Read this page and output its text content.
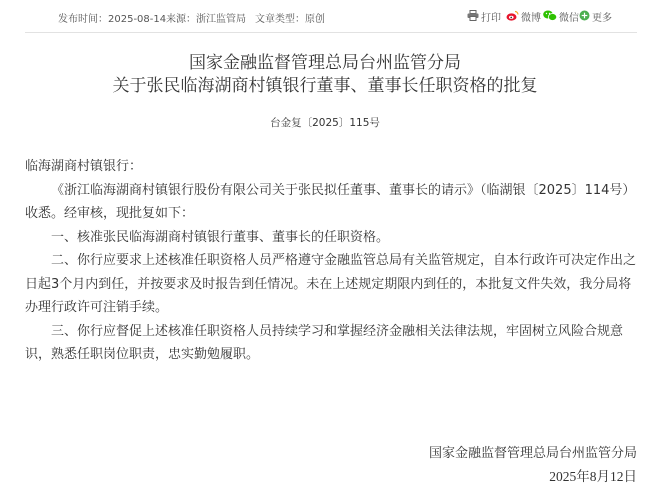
发布时间：2025-08-14 来源：浙江监管局 文章类型：原创	打印 微博 微信 更多
国家金融监督管理总局台州监管分局
关于张民临海湖商村镇银行董事、董事长任职资格的批复
台金复〔2025〕115号

临海湖商村镇银行：

《浙江临海湖商村镇银行股份有限公司关于张民拟任董事、董事长的请示》（临湖银〔2025〕114号）收悉。经审核，现批复如下：

一、核准张民临海湖商村镇银行董事、董事长的任职资格。

二、你行应要求上述核准任职资格人员严格遵守金融监管总局有关监管规定，自本行政许可决定作出之日起3个月内到任，并按要求及时报告到任情况。未在上述规定期限内到任的，本批复文件失效，我分局将办理行政许可注销手续。

三、你行应督促上述核准任职资格人员持续学习和掌握经济金融相关法律法规，牢固树立风险合规意识，熟悉任职岗位职责，忠实勤勉履职。

国家金融监督管理总局台州监管分局
2025年8月12日
